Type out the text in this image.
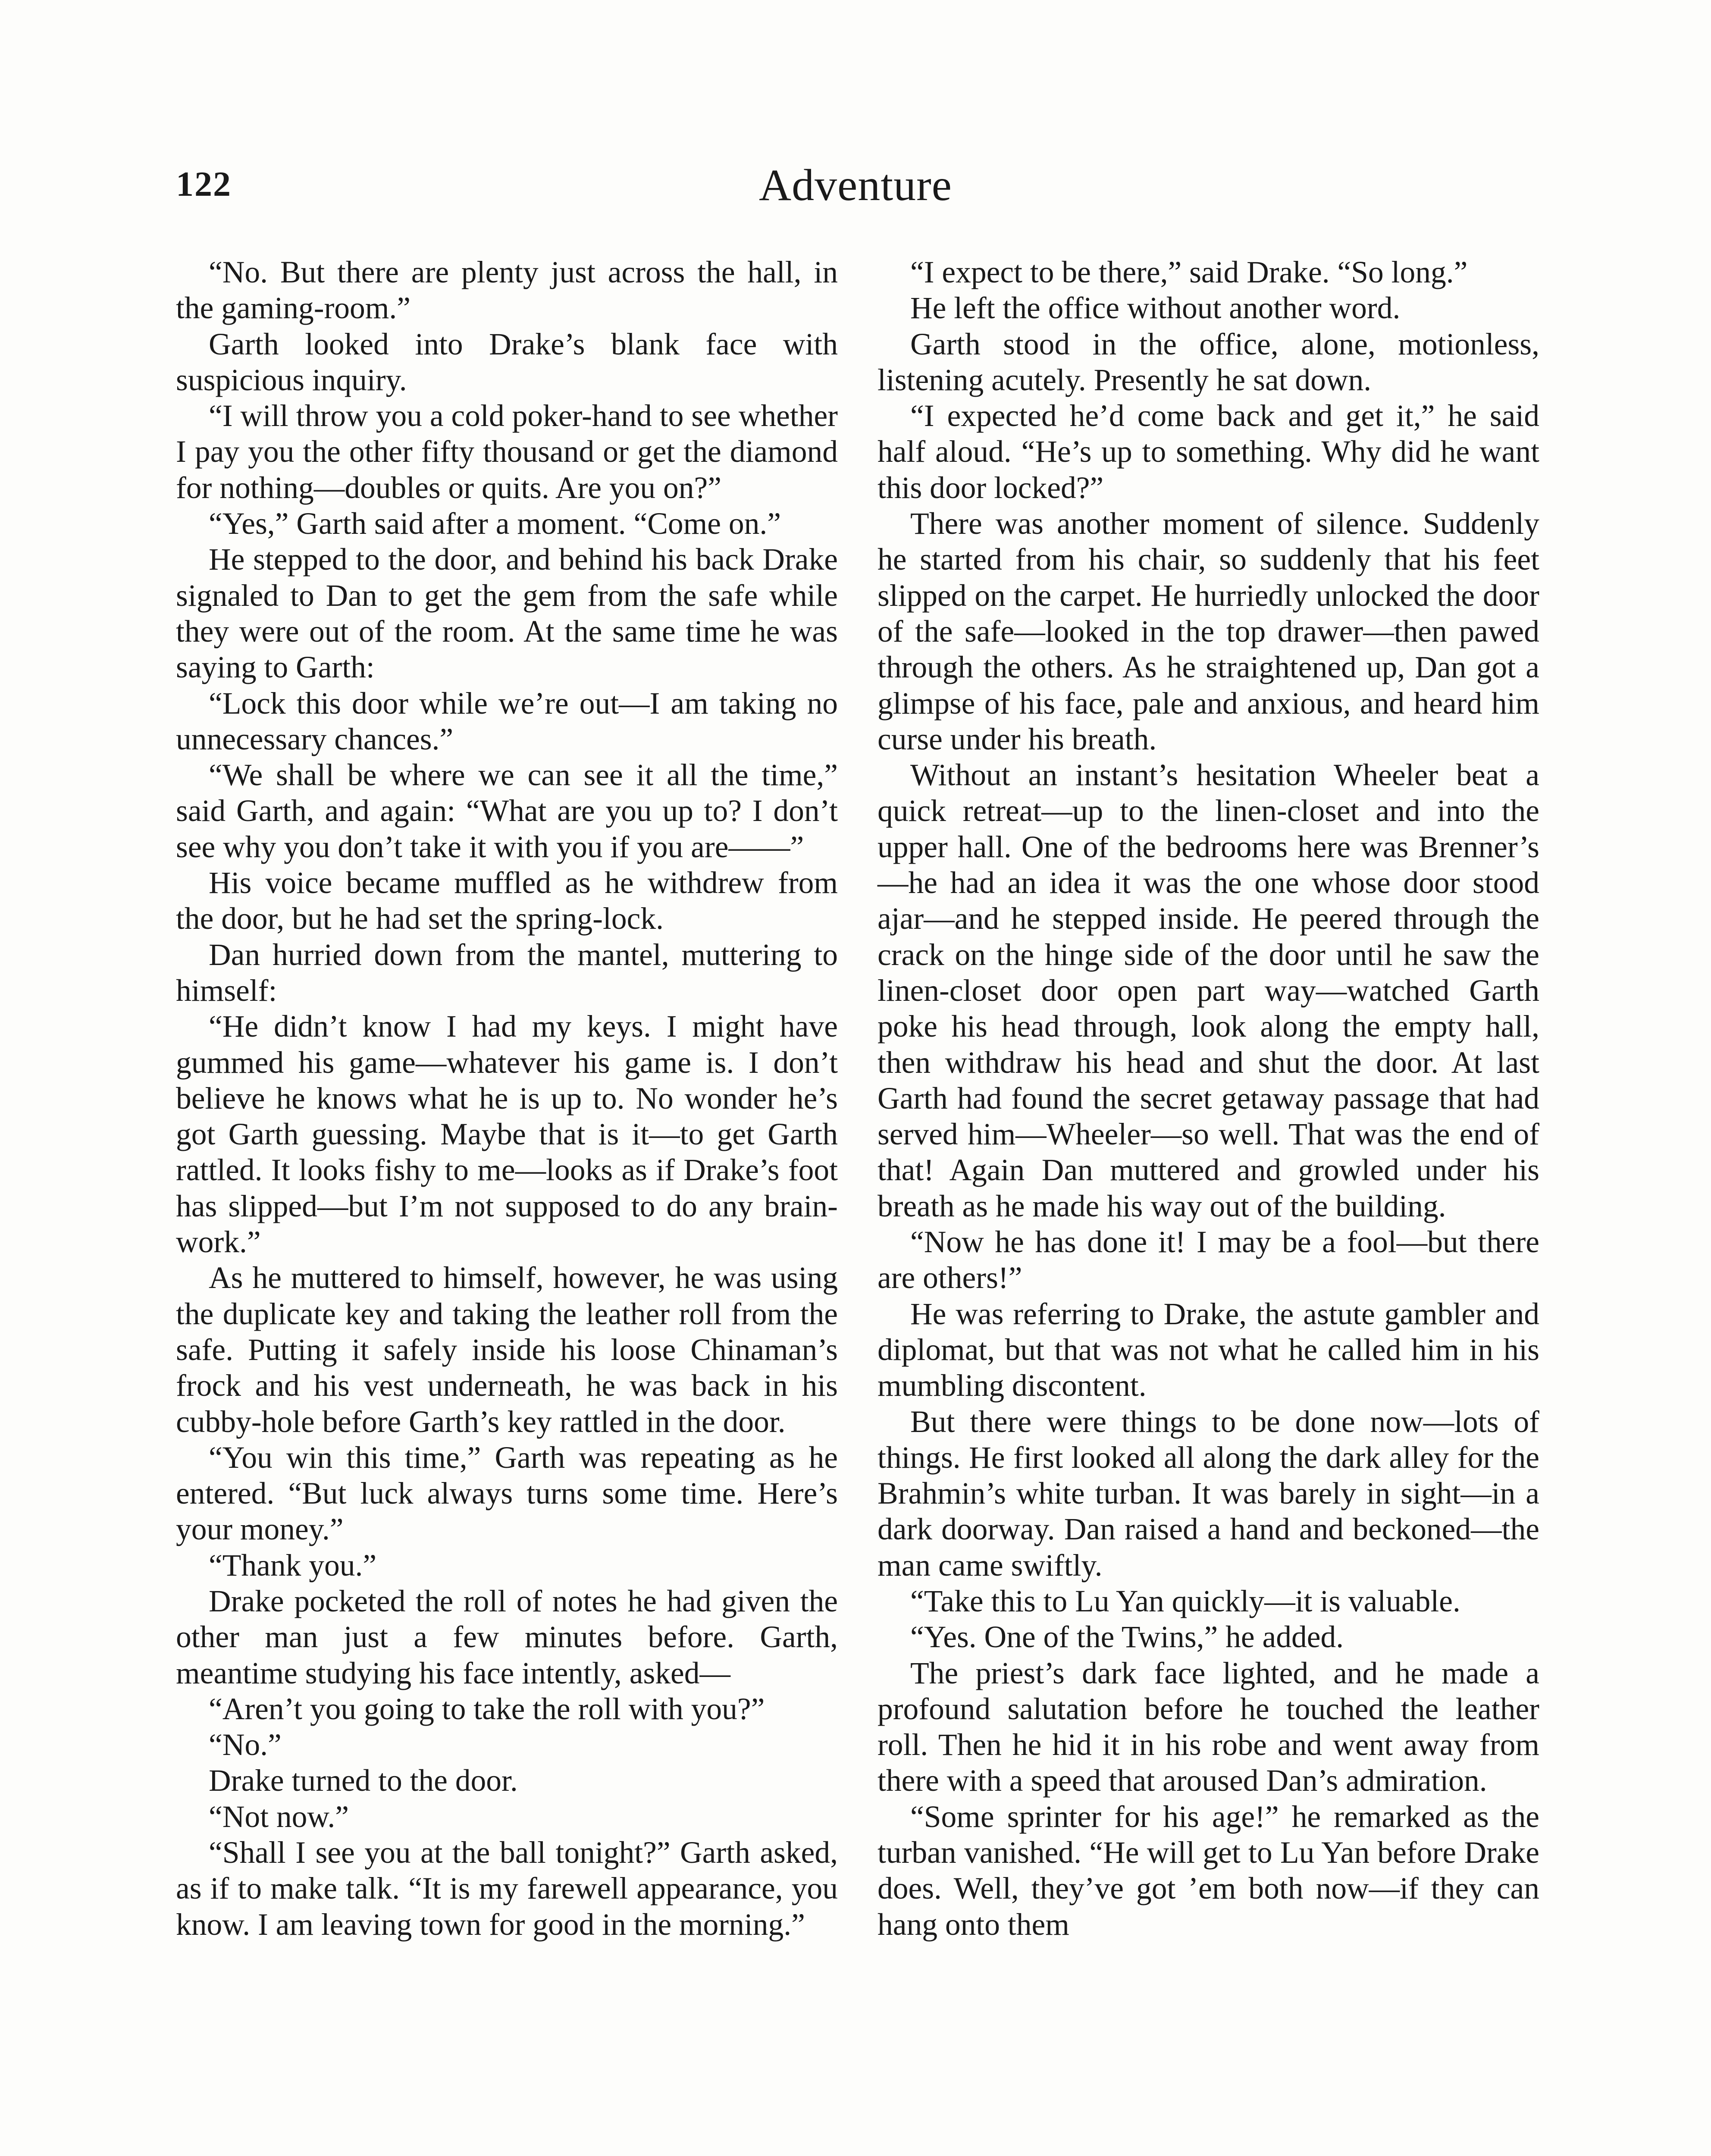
122	Adventure

“No. But there are plenty just across the hall, in the gaming-room.”

Garth looked into Drake’s blank face with suspicious inquiry.

“I will throw you a cold poker-hand to see whether I pay you the other fifty thousand or get the diamond for nothing—doubles or quits. Are you on?”

“Yes,” Garth said after a moment. “Come on.”

He stepped to the door, and behind his back Drake signaled to Dan to get the gem from the safe while they were out of the room. At the same time he was saying to Garth:

“Lock this door while we’re out—I am taking no unnecessary chances.”

“We shall be where we can see it all the time,” said Garth, and again: “What are you up to? I don’t see why you don’t take it with you if you are——”

His voice became muffled as he withdrew from the door, but he had set the spring-lock.

Dan hurried down from the mantel, muttering to himself:

“He didn’t know I had my keys. I might have gummed his game—whatever his game is. I don’t believe he knows what he is up to. No wonder he’s got Garth guessing. Maybe that is it—to get Garth rattled. It looks fishy to me—looks as if Drake’s foot has slipped—but I’m not supposed to do any brain-work.”

As he muttered to himself, however, he was using the duplicate key and taking the leather roll from the safe. Putting it safely inside his loose Chinaman’s frock and his vest underneath, he was back in his cubby-hole before Garth’s key rattled in the door.

“You win this time,” Garth was repeating as he entered. “But luck always turns some time. Here’s your money.”

“Thank you.”

Drake pocketed the roll of notes he had given the other man just a few minutes before. Garth, meantime studying his face intently, asked—

“Aren’t you going to take the roll with you?”

“No.”

Drake turned to the door.

“Not now.”

“Shall I see you at the ball tonight?” Garth asked, as if to make talk. “It is my farewell appearance, you know. I am leaving town for good in the morning.”

“I expect to be there,” said Drake. “So long.”

He left the office without another word.

Garth stood in the office, alone, motionless, listening acutely. Presently he sat down.

“I expected he’d come back and get it,” he said half aloud. “He’s up to something. Why did he want this door locked?”

There was another moment of silence. Suddenly he started from his chair, so suddenly that his feet slipped on the carpet. He hurriedly unlocked the door of the safe—looked in the top drawer—then pawed through the others. As he straightened up, Dan got a glimpse of his face, pale and anxious, and heard him curse under his breath.

Without an instant’s hesitation Wheeler beat a quick retreat—up to the linen-closet and into the upper hall. One of the bedrooms here was Brenner’s—he had an idea it was the one whose door stood ajar—and he stepped inside. He peered through the crack on the hinge side of the door until he saw the linen-closet door open part way—watched Garth poke his head through, look along the empty hall, then withdraw his head and shut the door. At last Garth had found the secret getaway passage that had served him—Wheeler—so well. That was the end of that! Again Dan muttered and growled under his breath as he made his way out of the building.

“Now he has done it! I may be a fool—but there are others!”

He was referring to Drake, the astute gambler and diplomat, but that was not what he called him in his mumbling discontent.

But there were things to be done now—lots of things. He first looked all along the dark alley for the Brahmin’s white turban. It was barely in sight—in a dark doorway. Dan raised a hand and beckoned—the man came swiftly.

“Take this to Lu Yan quickly—it is valuable.

“Yes. One of the Twins,” he added.

The priest’s dark face lighted, and he made a profound salutation before he touched the leather roll. Then he hid it in his robe and went away from there with a speed that aroused Dan’s admiration.

“Some sprinter for his age!” he remarked as the turban vanished. “He will get to Lu Yan before Drake does. Well, they’ve got ’em both now—if they can hang onto them
